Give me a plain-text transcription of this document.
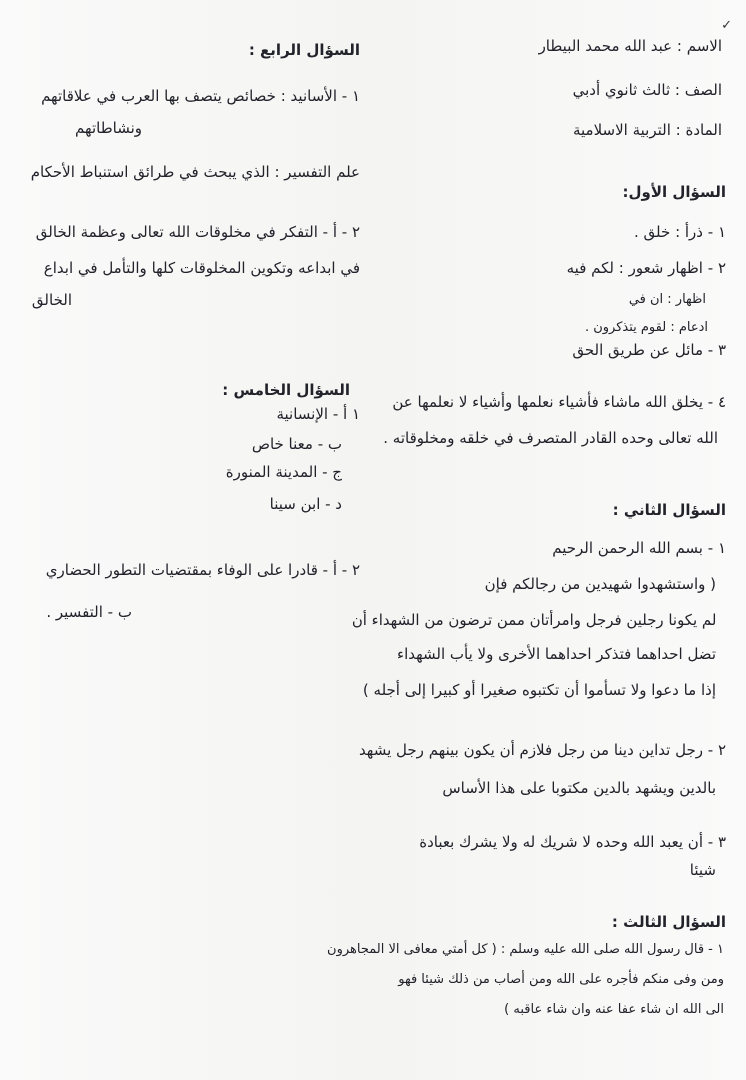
✓
الاسم : عبد الله محمد البيطار
الصف : ثالث ثانوي أدبي
المادة : التربية الاسلامية
السؤال الأول:
١ - ذرأ : خلق .
٢ - اظهار شعور : لكم فيه
اظهار : ان في
ادعام : لقوم يتذكرون .
٣ - مائل عن طريق الحق
٤ - يخلق الله ماشاء فأشياء نعلمها وأشياء لا نعلمها عن
الله تعالى وحده القادر المتصرف في خلقه ومخلوقاته .
السؤال الثاني :
١ - بسم الله الرحمن الرحيم
( واستشهدوا شهيدين من رجالكم فإن
لم يكونا رجلين فرجل وامرأتان ممن ترضون من الشهداء أن
تضل احداهما فتذكر احداهما الأخرى ولا يأب الشهداء
إذا ما دعوا ولا تسأموا أن تكتبوه صغيرا أو كبيرا إلى أجله )
٢ - رجل تداين دينا من رجل فلازم أن يكون بينهم رجل يشهد
بالدين ويشهد بالدين مكتوبا على هذا الأساس
٣ - أن يعبد الله وحده لا شريك له ولا يشرك بعبادة
شيئا
السؤال الثالث :
١ - قال رسول الله صلى الله عليه وسلم : ( كل أمتي معافى الا المجاهرون
ومن وفى منكم فأجره على الله ومن أصاب من ذلك شيئا فهو
الى الله ان شاء عفا عنه وان شاء عاقبه )
السؤال الرابع :
١ - الأسانيد : خصائص يتصف بها العرب في علاقاتهم
ونشاطاتهم
علم التفسير : الذي يبحث في طرائق استنباط الأحكام
٢ - أ - التفكر في مخلوقات الله تعالى وعظمة الخالق
في ابداعه وتكوين المخلوقات كلها والتأمل في ابداع
الخالق
السؤال الخامس :
١ أ - الإنسانية
ب - معنا خاص
ج - المدينة المنورة
د - ابن سينا
٢ - أ - قادرا على الوفاء بمقتضيات التطور الحضاري
ب - التفسير .
